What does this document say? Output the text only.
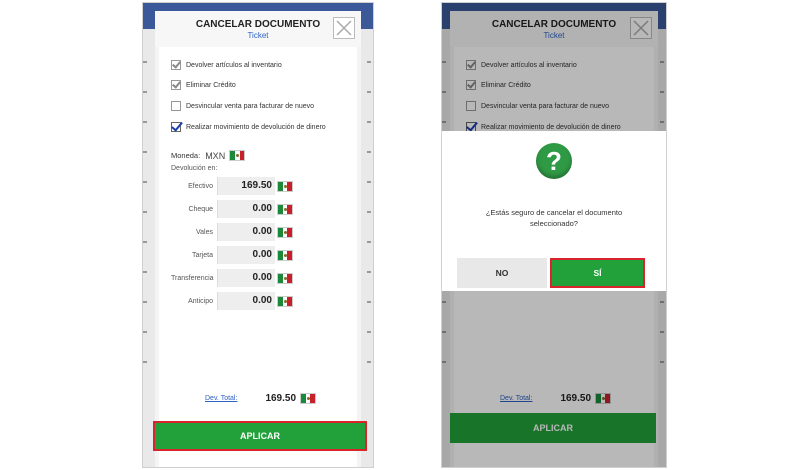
CANCELAR DOCUMENTO
Ticket
Devolver artículos al inventario
Eliminar Crédito
Desvincular venta para facturar de nuevo
Realizar movimiento de devolución de dinero
Moneda: MXN
Devolución en:
Efectivo	169.50
Cheque	0.00
Vales	0.00
Tarjeta	0.00
Transferencia	0.00
Anticipo	0.00
Dev. Total:	169.50
APLICAR
CANCELAR DOCUMENTO
Ticket
Devolver artículos al inventario
Eliminar Crédito
Desvincular venta para facturar de nuevo
Realizar movimiento de devolución de dinero
Dev. Total:	169.50
APLICAR
?
¿Estás seguro de cancelar el documento
seleccionado?
NO	SÍ
